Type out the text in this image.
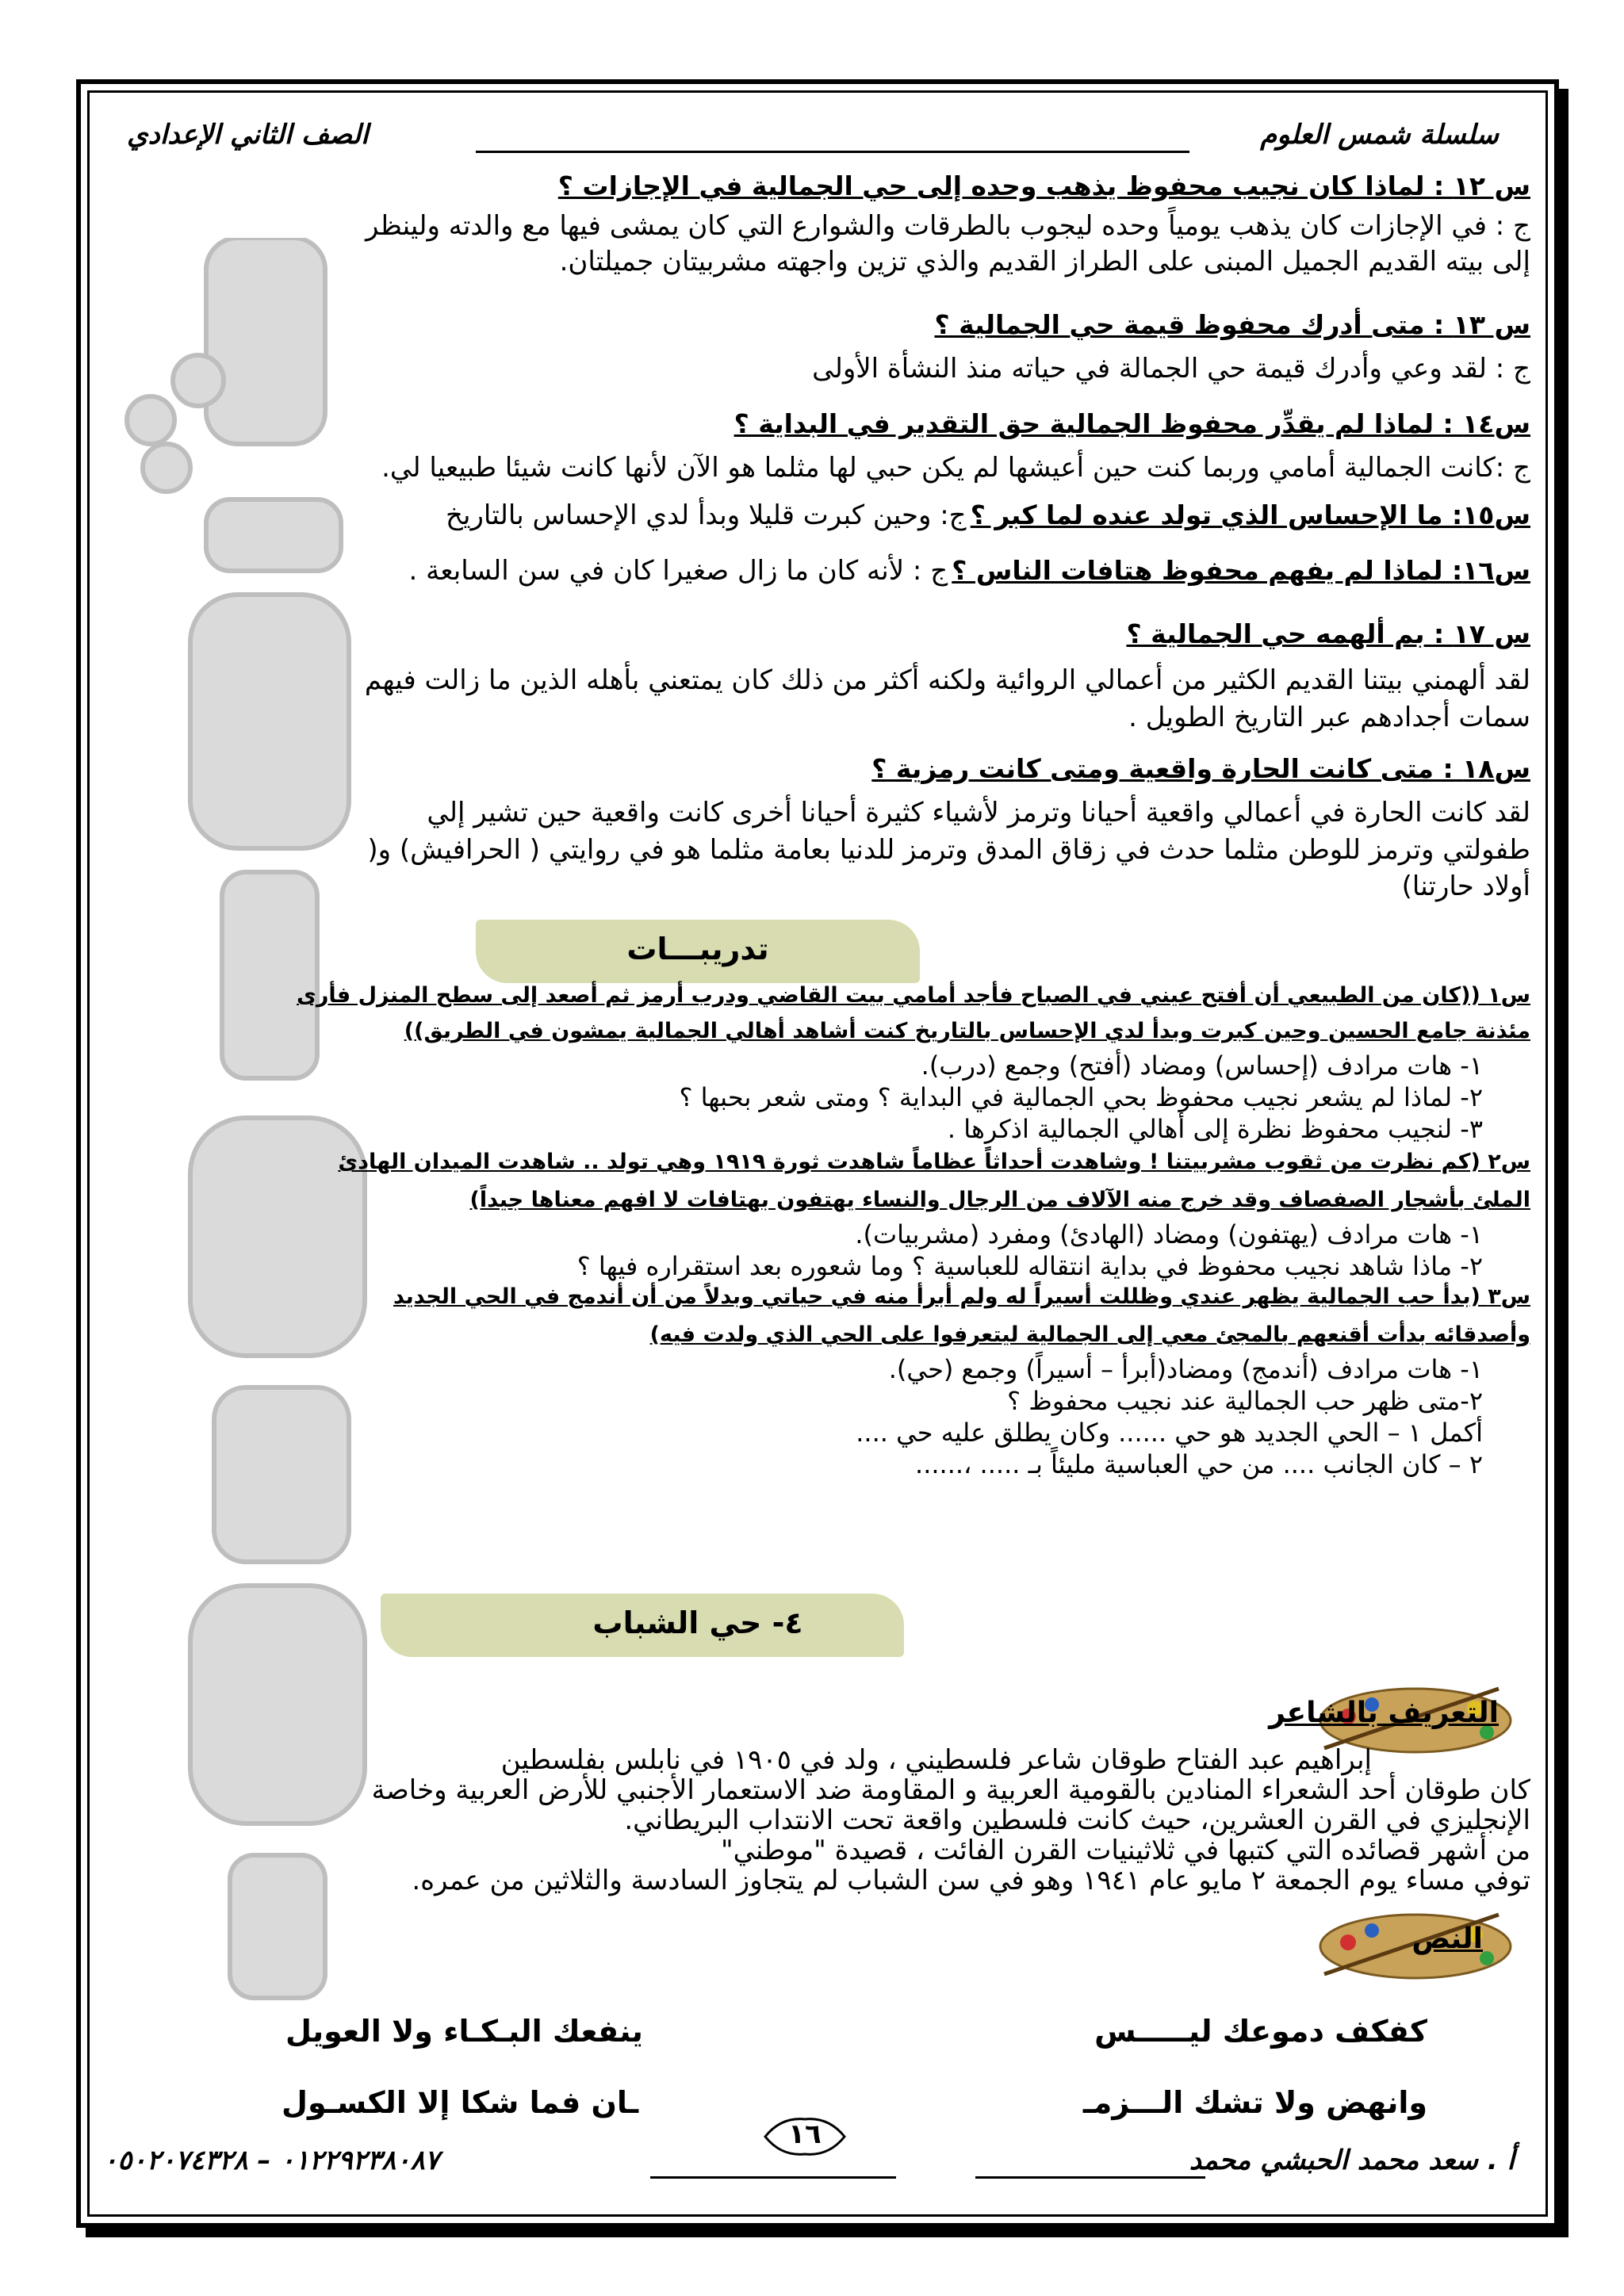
سلسلة شمس العلوم
الصف الثاني الإعدادي
س ١٢ : لماذا كان نجيب محفوظ يذهب وحده إلى حي الجمالية في الإجازات ؟
ج : في الإجازات كان يذهب يومياً وحده ليجوب بالطرقات والشوارع التي كان يمشى فيها مع والدته ولينظر
إلى بيته القديم الجميل المبنى على الطراز القديم والذي تزين واجهته مشربيتان جميلتان.
س ١٣ : متى أدرك محفوظ قيمة حي الجمالية ؟
ج : لقد وعي وأدرك قيمة حي الجمالة في حياته منذ النشأة الأولى
س١٤ : لماذا لم يقدِّر محفوظ الجمالية حق التقدير في البداية ؟
ج :كانت الجمالية أمامي وربما كنت حين أعيشها لم يكن حبي لها مثلما هو الآن لأنها كانت شيئا طبيعيا لي.
س١٥: ما الإحساس الذي تولد عنده لما كبر ؟ ج: وحين كبرت قليلا وبدأ لدي الإحساس بالتاريخ
س١٦: لماذا لم يفهم محفوظ هتافات الناس ؟ ج : لأنه كان ما زال صغيرا كان في سن السابعة .
س ١٧ : بم ألهمه حي الجمالية ؟
لقد ألهمني بيتنا القديم الكثير من أعمالي الروائية ولكنه أكثر من ذلك كان يمتعني بأهله الذين ما زالت فيهم
سمات أجدادهم عبر التاريخ الطويل .
س١٨ : متى كانت الحارة واقعية ومتى كانت رمزية ؟
لقد كانت الحارة في أعمالي واقعية أحيانا وترمز لأشياء كثيرة أحيانا أخرى كانت واقعية حين تشير إلي
طفولتي وترمز للوطن مثلما حدث في زقاق المدق وترمز للدنيا بعامة مثلما هو في روايتي ( الحرافيش) و(
أولاد حارتنا)
تدريبـــات
س١ ((كان من الطبيعي أن أفتح عيني في الصباح فأجد أمامي بيت القاضي ودرب أرمز ثم أصعد إلى سطح المنزل فأرى
مئذنة جامع الحسين وحين كبرت وبدأ لدي الإحساس بالتاريخ كنت أشاهد أهالي الجمالية يمشون في الطريق))
١- هات مرادف (إحساس) ومضاد (أفتح) وجمع (درب).
٢- لماذا لم يشعر نجيب محفوظ بحي الجمالية في البداية ؟ ومتى شعر بحبها ؟
٣- لنجيب محفوظ نظرة إلى أهالي الجمالية اذكرها .
س٢ (كم نظرت من ثقوب مشربيتنا ! وشاهدت أحداثاً عظاماً شاهدت ثورة ١٩١٩ وهي تولد .. شاهدت الميدان الهادئ
الملئ بأشجار الصفصاف وقد خرج منه الآلاف من الرجال والنساء يهتفون بهتافات لا افهم معناها جيداً)
١- هات مرادف (يهتفون) ومضاد (الهادئ) ومفرد (مشربيات).
٢- ماذا شاهد نجيب محفوظ في بداية انتقاله للعباسية ؟ وما شعوره بعد استقراره فيها ؟
س٣ (بدأ حب الجمالية يظهر عندي وظللت أسيراً له ولم أبرأ منه في حياتي وبدلاً من أن أندمج في الحي الجديد
وأصدقائه بدأت أقنعهم بالمجئ معي إلى الجمالية ليتعرفوا على الحي الذي ولدت فيه)
١- هات مرادف (أندمج) ومضاد(أبرأ – أسيراً) وجمع (حي).
٢-متى ظهر حب الجمالية عند نجيب محفوظ ؟
أكمل ١ – الحي الجديد هو حي ...... وكان يطلق عليه حي ....
٢ – كان الجانب .... من حي العباسية مليئاً بـ ..... ،......
٤- حي الشباب
التعريف بالشاعر
إبراهيم عبد الفتاح طوقان شاعر فلسطيني ، ولد في ١٩٠٥ في نابلس بفلسطين
كان طوقان أحد الشعراء المنادين بالقومية العربية و المقاومة ضد الاستعمار الأجنبي للأرض العربية وخاصة
الإنجليزي في القرن العشرين، حيث كانت فلسطين واقعة تحت الانتداب البريطاني.
من أشهر قصائده التي كتبها في ثلاثينيات القرن الفائت ، قصيدة "موطني"
توفي مساء يوم الجمعة ٢ مايو عام ١٩٤١ وهو في سن الشباب لم يتجاوز السادسة والثلاثين من عمره.
النص
كفكف دموعك ليـــــس
ينفعك البـكـاء ولا العويل
وانهض ولا تشك الـــزمـ
ـان فما شكا إلا الكسـول
أ . سعد محمد الحبشي محمد
٠١٢٢٩٢٣٨٠٨٧ – ٠٥٠٢٠٧٤٣٢٨
١٦
